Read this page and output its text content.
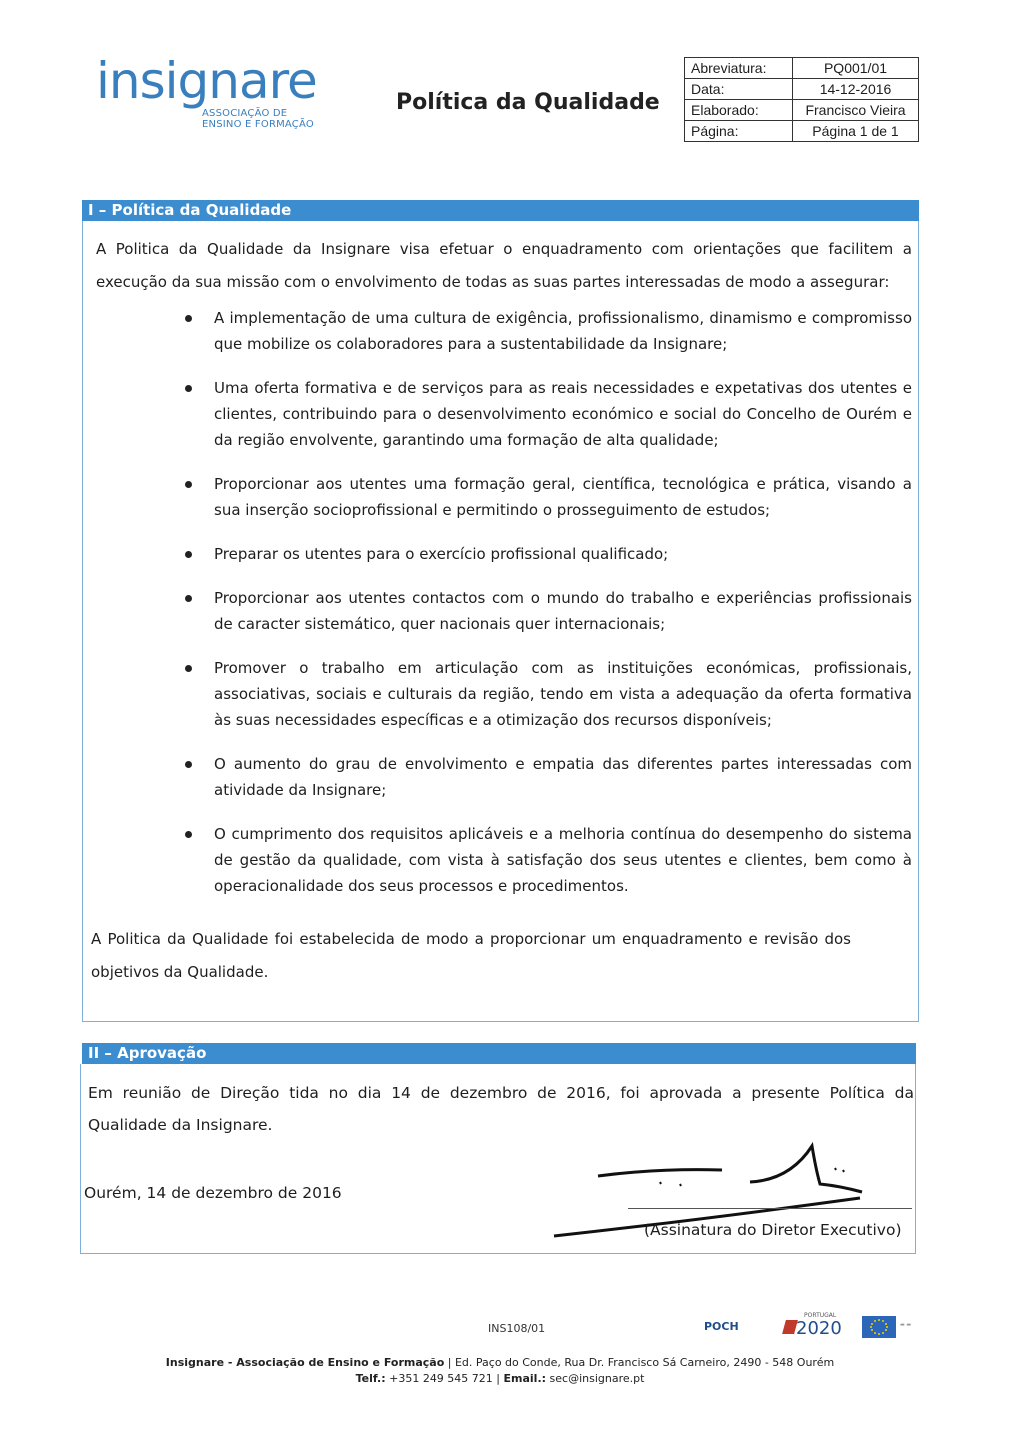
insignare
ASSOCIAÇÃO DE
ENSINO E FORMAÇÃO
Política da Qualidade
Abreviatura:	PQ001/01
Data:	14-12-2016
Elaborado:	Francisco Vieira
Página:	Página 1 de 1
I – Política da Qualidade
A Politica da Qualidade da Insignare visa efetuar o enquadramento com orientações que facilitem a execução da sua missão com o envolvimento de todas as suas partes interessadas de modo a assegurar:
A implementação de uma cultura de exigência, profissionalismo, dinamismo e compromisso que mobilize os colaboradores para a sustentabilidade da Insignare;
Uma oferta formativa e de serviços para as reais necessidades e expetativas dos utentes e clientes, contribuindo para o desenvolvimento económico e social do Concelho de Ourém e da região envolvente, garantindo uma formação de alta qualidade;
Proporcionar aos utentes uma formação geral, científica, tecnológica e prática, visando a sua inserção socioprofissional e permitindo o prosseguimento de estudos;
Preparar os utentes para o exercício profissional qualificado;
Proporcionar aos utentes contactos com o mundo do trabalho e experiências profissionais de caracter sistemático, quer nacionais quer internacionais;
Promover o trabalho em articulação com as instituições económicas, profissionais, associativas, sociais e culturais da região, tendo em vista a adequação da oferta formativa às suas necessidades específicas e a otimização dos recursos disponíveis;
O aumento do grau de envolvimento e empatia das diferentes partes interessadas com atividade da Insignare;
O cumprimento dos requisitos aplicáveis e a melhoria contínua do desempenho do sistema de gestão da qualidade, com vista à satisfação dos seus utentes e clientes, bem como à operacionalidade dos seus processos e procedimentos.
A Politica da Qualidade foi estabelecida de modo a proporcionar um enquadramento e revisão dos objetivos da Qualidade.
II – Aprovação
Em reunião de Direção tida no dia 14 de dezembro de 2016, foi aprovada a presente Política da Qualidade da Insignare.
Ourém, 14 de dezembro de 2016
(Assinatura do Diretor Executivo)
INS108/01	POCH
PORTUGAL
2020	▬ ▬
Insignare - Associação de Ensino e Formação | Ed. Paço do Conde, Rua Dr. Francisco Sá Carneiro, 2490 - 548 Ourém
Telf.: +351 249 545 721 | Email.: sec@insignare.pt
